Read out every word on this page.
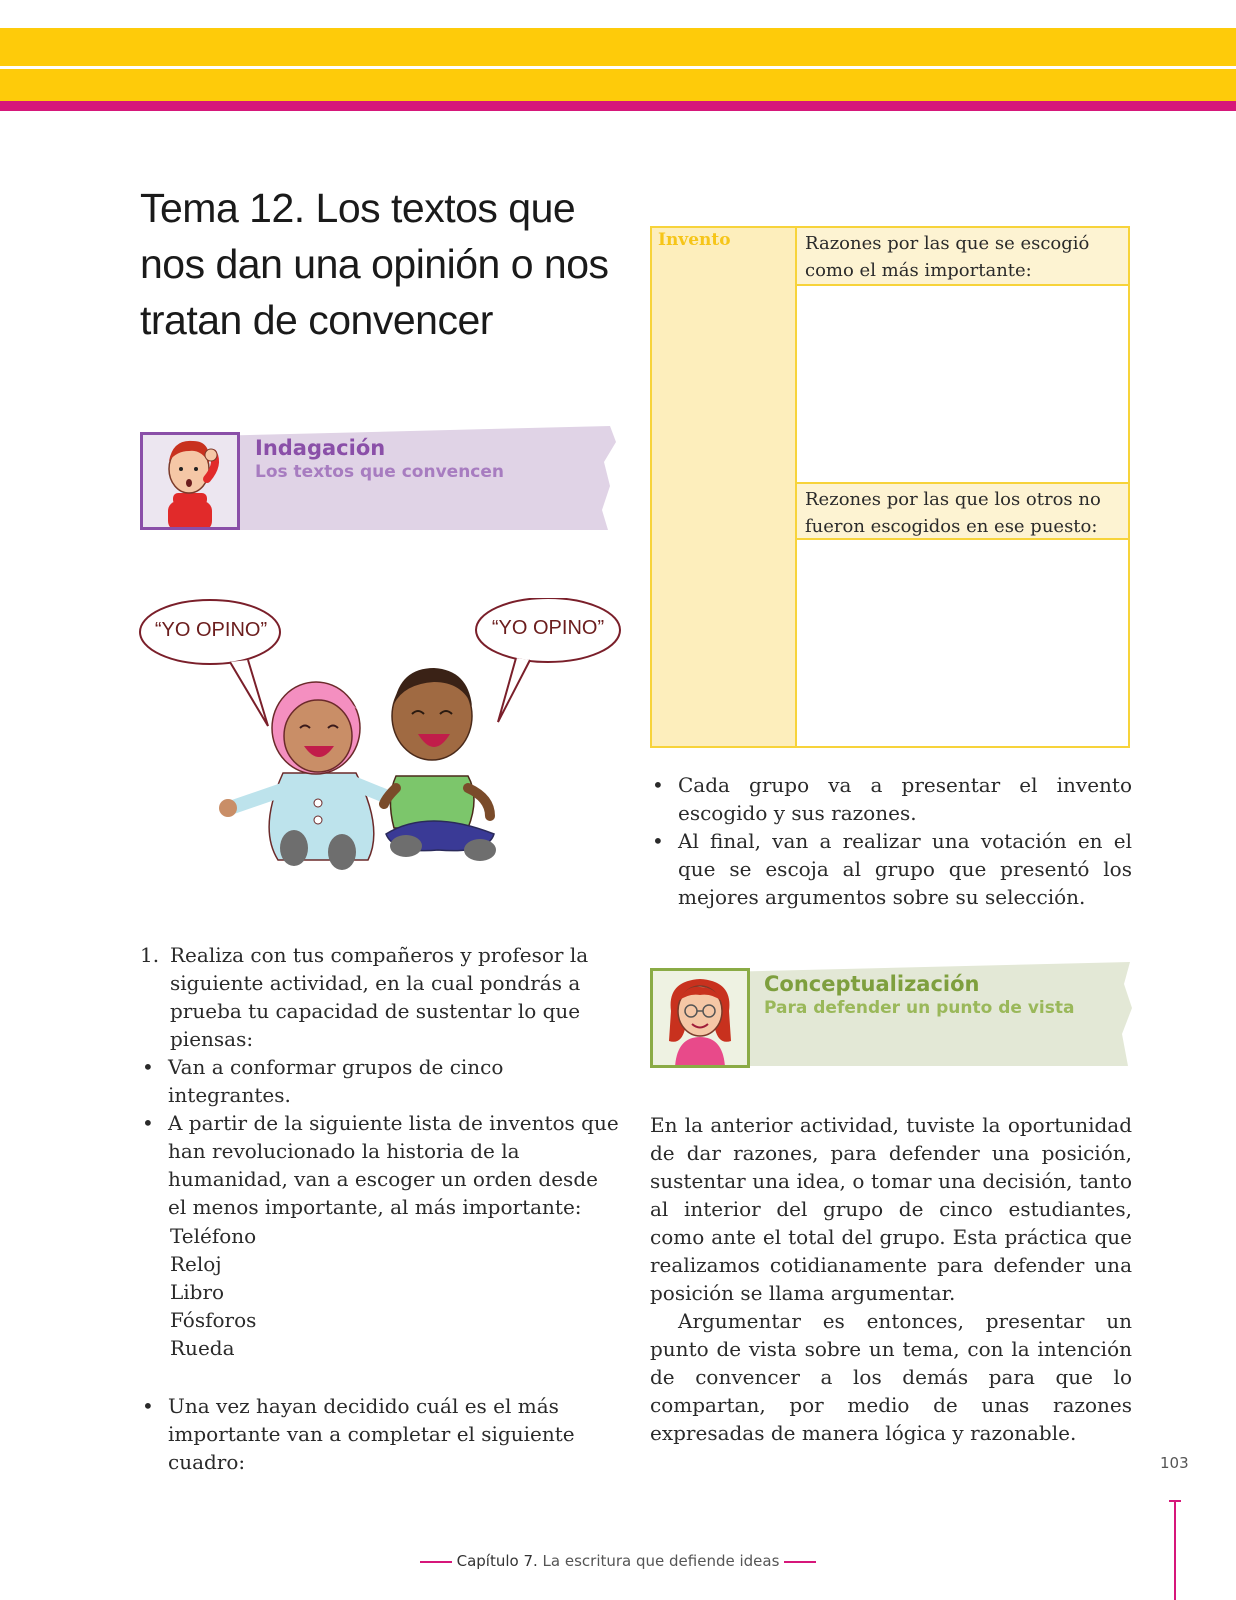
Tema 12. Los textos que nos dan una opinión o nos tratan de convencer
Indagación
Los textos que convencen
“YO OPINO”	“YO OPINO”
1. Realiza con tus compañeros y profesor la siguiente actividad, en la cual pondrás a prueba tu capacidad de sustentar lo que piensas:
• Van a conformar grupos de cinco integrantes.
• A partir de la siguiente lista de inventos que han revolucionado la historia de la humanidad, van a escoger un orden desde el menos importante, al más importante:
Teléfono
Reloj
Libro
Fósforos
Rueda
• Una vez hayan decidido cuál es el más importante van a completar el siguiente cuadro:
Invento	Razones por las que se escogió como el más importante:
Rezones por las que los otros no fueron escogidos en ese puesto:
• Cada grupo va a presentar el invento escogido y sus razones.
• Al final, van a realizar una votación en el que se escoja al grupo que presentó los mejores argumentos sobre su selección.
Conceptualización
Para defender un punto de vista
En la anterior actividad, tuviste la oportunidad de dar razones, para defender una posición, sustentar una idea, o tomar una decisión, tanto al interior del grupo de cinco estudiantes, como ante el total del grupo. Esta práctica que realizamos cotidianamente para defender una posición se llama argumentar.
Argumentar es entonces, presentar un punto de vista sobre un tema, con la intención de convencer a los demás para que lo compartan, por medio de unas razones expresadas de manera lógica y razonable.
103
Capítulo 7. La escritura que defiende ideas
